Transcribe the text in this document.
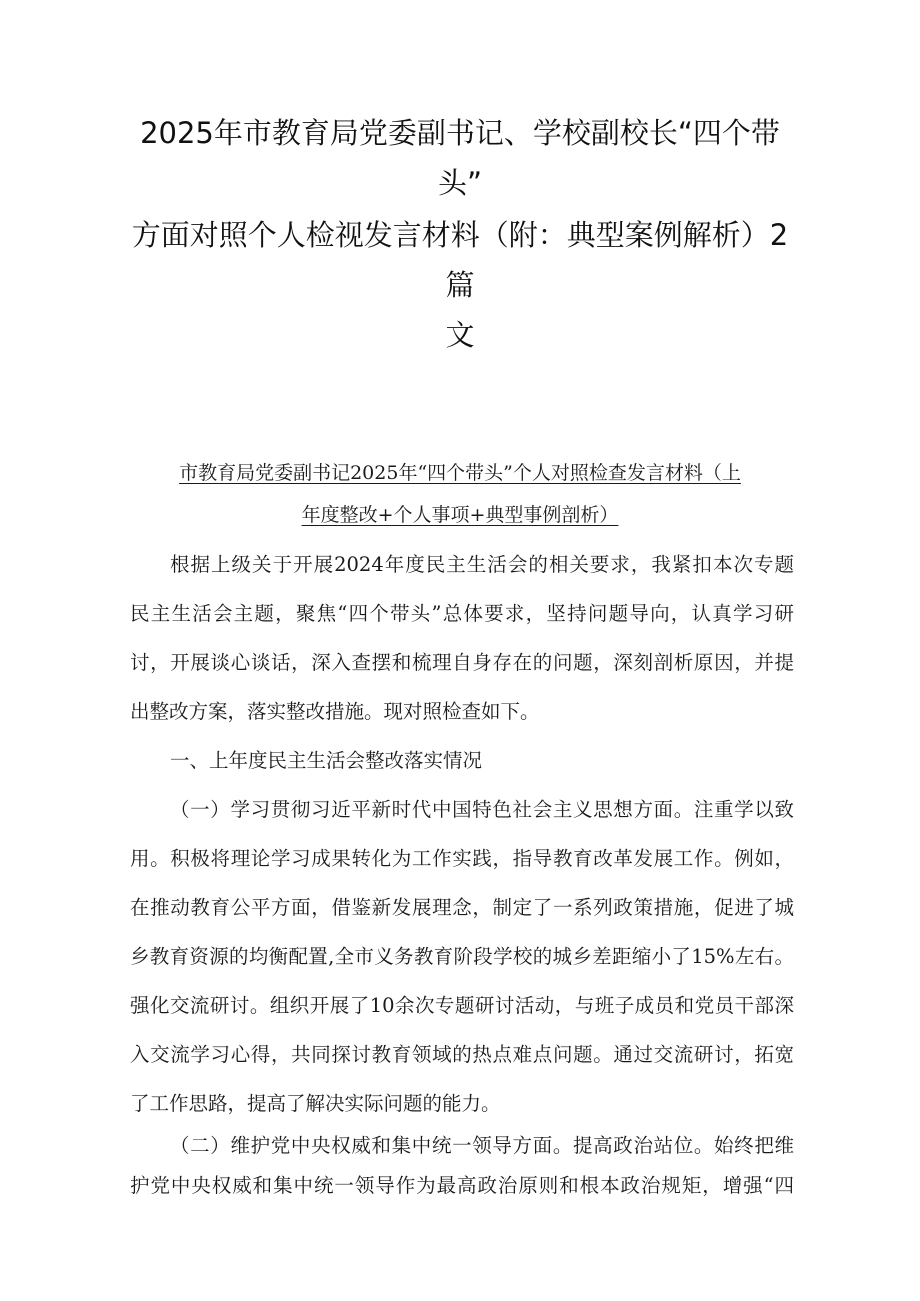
2025年市教育局党委副书记、学校副校长“四个带
头”
方面对照个人检视发言材料（附：典型案例解析）2篇
文
市教育局党委副书记2025年“四个带头”个人对照检查发言材料（上
年度整改+个人事项+典型事例剖析）

根据上级关于开展2024年度民主生活会的相关要求，我紧扣本次专题
民主生活会主题，聚焦“四个带头”总体要求，坚持问题导向，认真学习研
讨，开展谈心谈话，深入查摆和梳理自身存在的问题，深刻剖析原因，并提
出整改方案，落实整改措施。现对照检查如下。

一、上年度民主生活会整改落实情况

（一）学习贯彻习近平新时代中国特色社会主义思想方面。注重学以致
用。积极将理论学习成果转化为工作实践，指导教育改革发展工作。例如，
在推动教育公平方面，借鉴新发展理念，制定了一系列政策措施，促进了城
乡教育资源的均衡配置,全市义务教育阶段学校的城乡差距缩小了15%左右。
强化交流研讨。组织开展了10余次专题研讨活动，与班子成员和党员干部深
入交流学习心得，共同探讨教育领域的热点难点问题。通过交流研讨，拓宽
了工作思路，提高了解决实际问题的能力。

（二）维护党中央权威和集中统一领导方面。提高政治站位。始终把维
护党中央权威和集中统一领导作为最高政治原则和根本政治规矩，增强“四
